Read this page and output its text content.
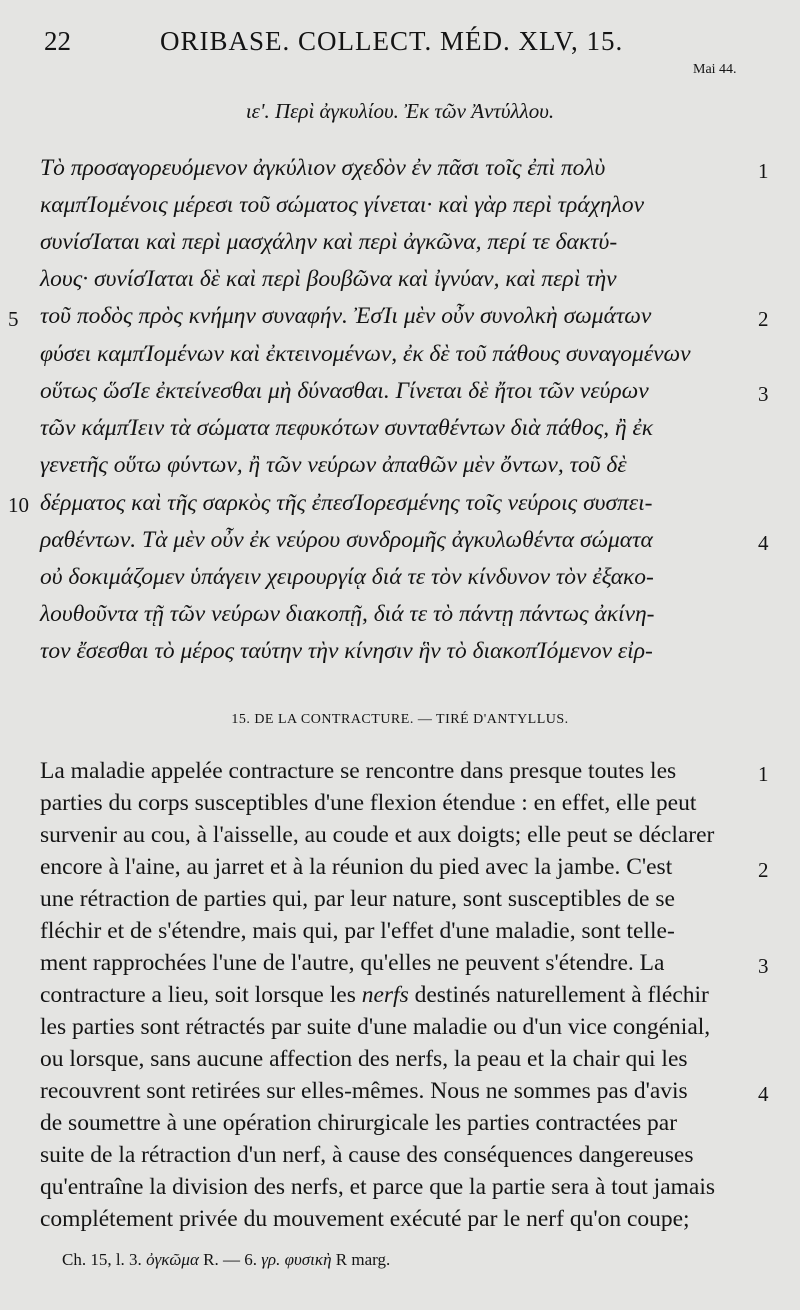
22	ORIBASE. COLLECT. MÉD. XLV, 15.
Mai 44.
ιε'. Περὶ ἀγκυλίου. Ἐκ τῶν Ἀντύλλου.
Τὸ προσαγορευόμενον ἀγκύλιον σχεδὸν ἐν πᾶσι τοῖς ἐπὶ πολὺ
καμπΊομένοις μέρεσι τοῦ σώματος γίνεται· καὶ γὰρ περὶ τράχηλον
συνίσΊαται καὶ περὶ μασχάλην καὶ περὶ ἀγκῶνα, περί τε δακτύ-
λους· συνίσΊαται δὲ καὶ περὶ βουβῶνα καὶ ἰγνύαν, καὶ περὶ τὴν
τοῦ ποδὸς πρὸς κνήμην συναφήν. ἘσΊι μὲν οὖν συνολκὴ σωμάτων
φύσει καμπΊομένων καὶ ἐκτεινομένων, ἐκ δὲ τοῦ πάθους συναγομένων
οὕτως ὥσΊε ἐκτείνεσθαι μὴ δύνασθαι. Γίνεται δὲ ἤτοι τῶν νεύρων
τῶν κάμπΊειν τὰ σώματα πεφυκότων συνταθέντων διὰ πάθος, ἢ ἐκ
γενετῆς οὕτω φύντων, ἢ τῶν νεύρων ἀπαθῶν μὲν ὄντων, τοῦ δὲ
δέρματος καὶ τῆς σαρκὸς τῆς ἐπεσΊορεσμένης τοῖς νεύροις συσπει-
ραθέντων. Τὰ μὲν οὖν ἐκ νεύρου συνδρομῆς ἀγκυλωθέντα σώματα
οὐ δοκιμάζομεν ὑπάγειν χειρουργίᾳ διά τε τὸν κίνδυνον τὸν ἐξακο-
λουθοῦντα τῇ τῶν νεύρων διακοπῇ, διά τε τὸ πάντῃ πάντως ἀκίνη-
τον ἔσεσθαι τὸ μέρος ταύτην τὴν κίνησιν ἣν τὸ διακοπΊόμενον εἰρ-
5
10
1
2
3
4
15. DE LA CONTRACTURE. — TIRÉ D'ANTYLLUS.
La maladie appelée contracture se rencontre dans presque toutes les
parties du corps susceptibles d'une flexion étendue : en effet, elle peut
survenir au cou, à l'aisselle, au coude et aux doigts; elle peut se déclarer
encore à l'aine, au jarret et à la réunion du pied avec la jambe. C'est
une rétraction de parties qui, par leur nature, sont susceptibles de se
fléchir et de s'étendre, mais qui, par l'effet d'une maladie, sont telle-
ment rapprochées l'une de l'autre, qu'elles ne peuvent s'étendre. La
contracture a lieu, soit lorsque les nerfs destinés naturellement à fléchir
les parties sont rétractés par suite d'une maladie ou d'un vice congénial,
ou lorsque, sans aucune affection des nerfs, la peau et la chair qui les
recouvrent sont retirées sur elles-mêmes. Nous ne sommes pas d'avis
de soumettre à une opération chirurgicale les parties contractées par
suite de la rétraction d'un nerf, à cause des conséquences dangereuses
qu'entraîne la division des nerfs, et parce que la partie sera à tout jamais
complétement privée du mouvement exécuté par le nerf qu'on coupe;
1
2
3
4
Ch. 15, l. 3. ὀγκῶμα R. — 6. γρ. φυσικὴ R marg.
